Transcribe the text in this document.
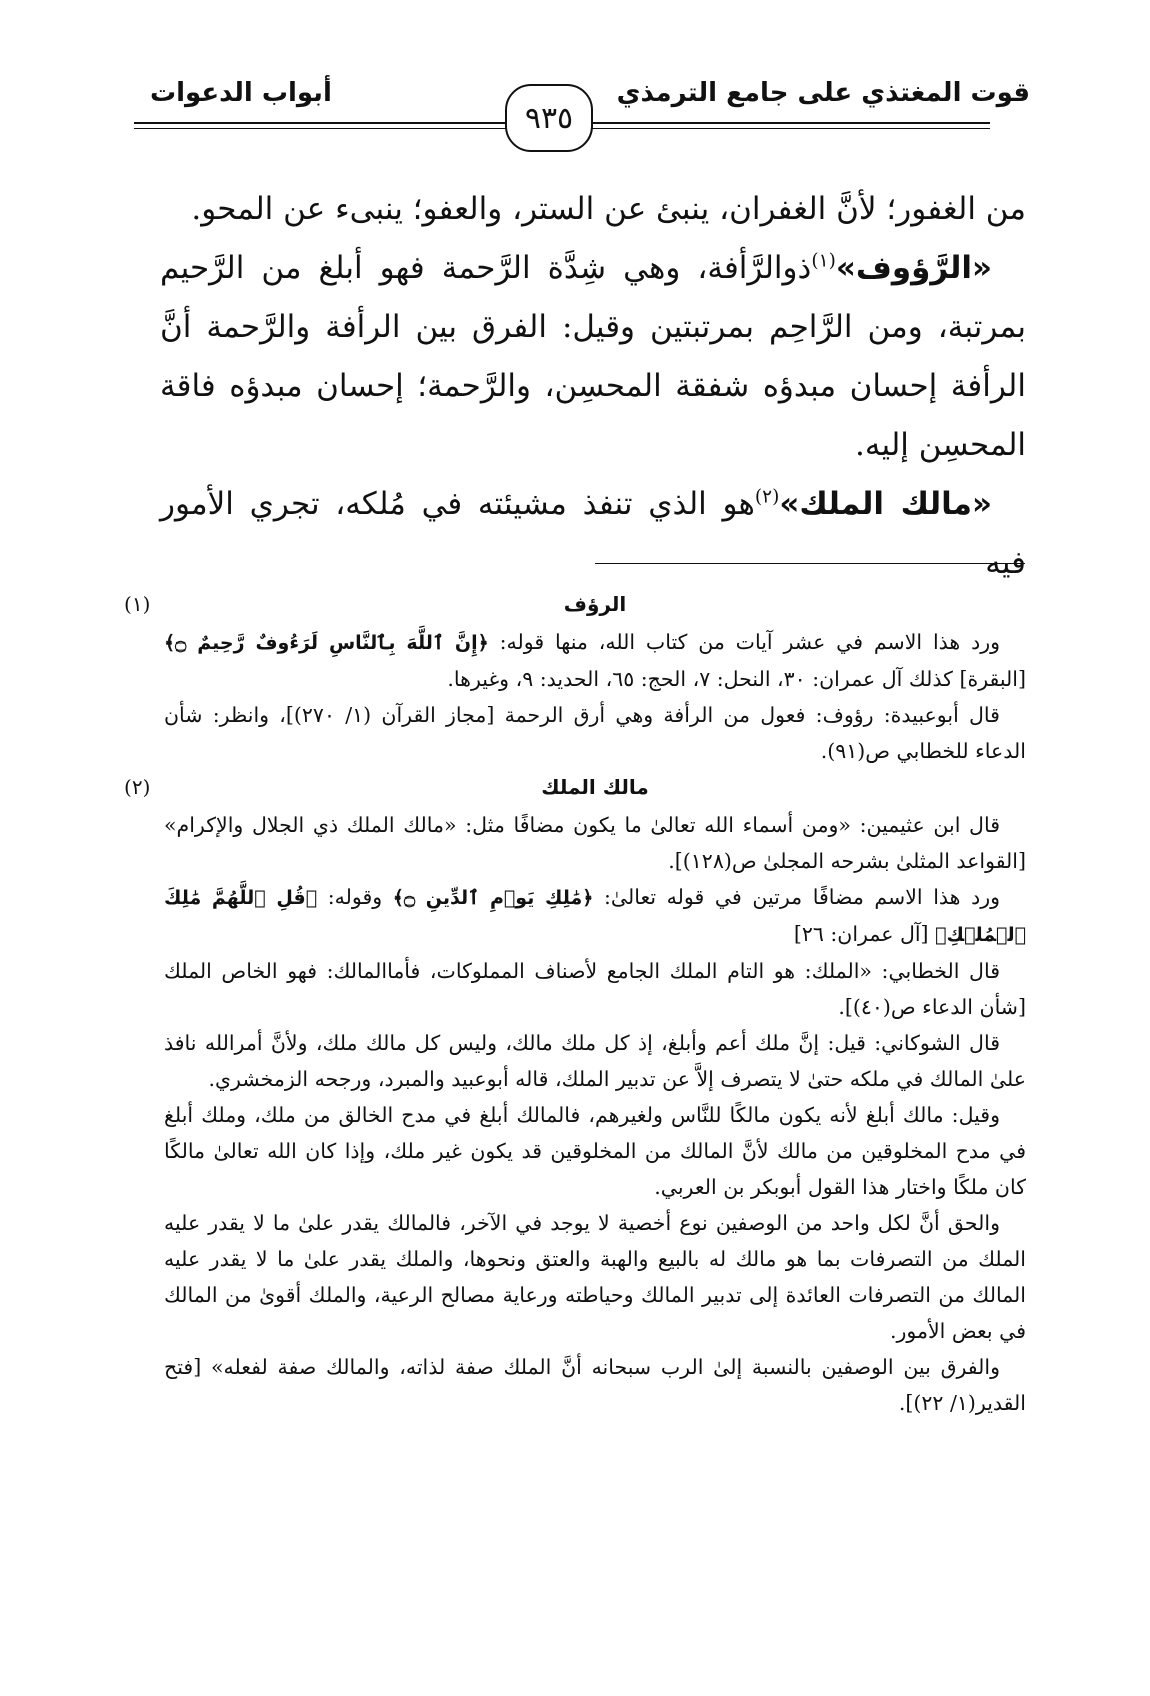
قوت المغتذي على جامع الترمذي
أبواب الدعوات
٩٣٥

من الغفور؛ لأنَّ الغفران، ينبئ عن الستر، والعفو؛ ينبىء عن المحو.

«الرَّؤوف»$^{(١)}$ذوالرَّأفة، وهي شِدَّة الرَّحمة فهو أبلغ من الرَّحيم بمرتبة، ومن الرَّاحِم بمرتبتين وقيل: الفرق بين الرأفة والرَّحمة أنَّ الرأفة إحسان مبدؤه شفقة المحسِن، والرَّحمة؛ إحسان مبدؤه فاقة المحسِن إليه.

«مالك الملك»$^{(٢)}$هو الذي تنفذ مشيئته في مُلكه، تجري الأمور فيه

(١)	الرؤف

ورد هذا الاسم في عشر آيات من كتاب الله، منها قوله: ﴿إِنَّ ٱللَّهَ بِٱلنَّاسِ لَرَءُوفٌ رَّحِيمٌ ۝﴾ [البقرة] كذلك آل عمران: ٣٠، النحل: ٧، الحج: ٦٥، الحديد: ٩، وغيرها.

قال أبوعبيدة: رؤوف: فعول من الرأفة وهي أرق الرحمة [مجاز القرآن (١/ ٢٧٠)]، وانظر: شأن الدعاء للخطابي ص(٩١).

(٢)	مالك الملك

قال ابن عثيمين: «ومن أسماء الله تعالىٰ ما يكون مضافًا مثل: «مالك الملك ذي الجلال والإكرام» [القواعد المثلىٰ بشرحه المجلىٰ ص(١٢٨)].

ورد هذا الاسم مضافًا مرتين في قوله تعالىٰ: ﴿مَٰلِكِ يَوۡمِ ٱلدِّينِ ۝﴾ وقوله: ﴿قُلِ ٱللَّهُمَّ مَٰلِكَ ٱلۡمُلۡكِ﴾ [آل عمران: ٢٦]

قال الخطابي: «الملك: هو التام الملك الجامع لأصناف المملوكات، فأماالمالك: فهو الخاص الملك [شأن الدعاء ص(٤٠)].

قال الشوكاني: قيل: إنَّ ملك أعم وأبلغ، إذ كل ملك مالك، وليس كل مالك ملك، ولأنَّ أمرالله نافذ علىٰ المالك في ملكه حتىٰ لا يتصرف إلاَّ عن تدبير الملك، قاله أبوعبيد والمبرد، ورجحه الزمخشري.

وقيل: مالك أبلغ لأنه يكون مالكًا للنَّاس ولغيرهم، فالمالك أبلغ في مدح الخالق من ملك، وملك أبلغ في مدح المخلوقين من مالك لأنَّ المالك من المخلوقين قد يكون غير ملك، وإذا كان الله تعالىٰ مالكًا كان ملكًا واختار هذا القول أبوبكر بن العربي.

والحق أنَّ لكل واحد من الوصفين نوع أخصية لا يوجد في الآخر، فالمالك يقدر علىٰ ما لا يقدر عليه الملك من التصرفات بما هو مالك له بالبيع والهبة والعتق ونحوها، والملك يقدر علىٰ ما لا يقدر عليه المالك من التصرفات العائدة إلى تدبير المالك وحياطته ورعاية مصالح الرعية، والملك أقوىٰ من المالك في بعض الأمور.

والفرق بين الوصفين بالنسبة إلىٰ الرب سبحانه أنَّ الملك صفة لذاته، والمالك صفة لفعله» [فتح القدير(١/ ٢٢)].
